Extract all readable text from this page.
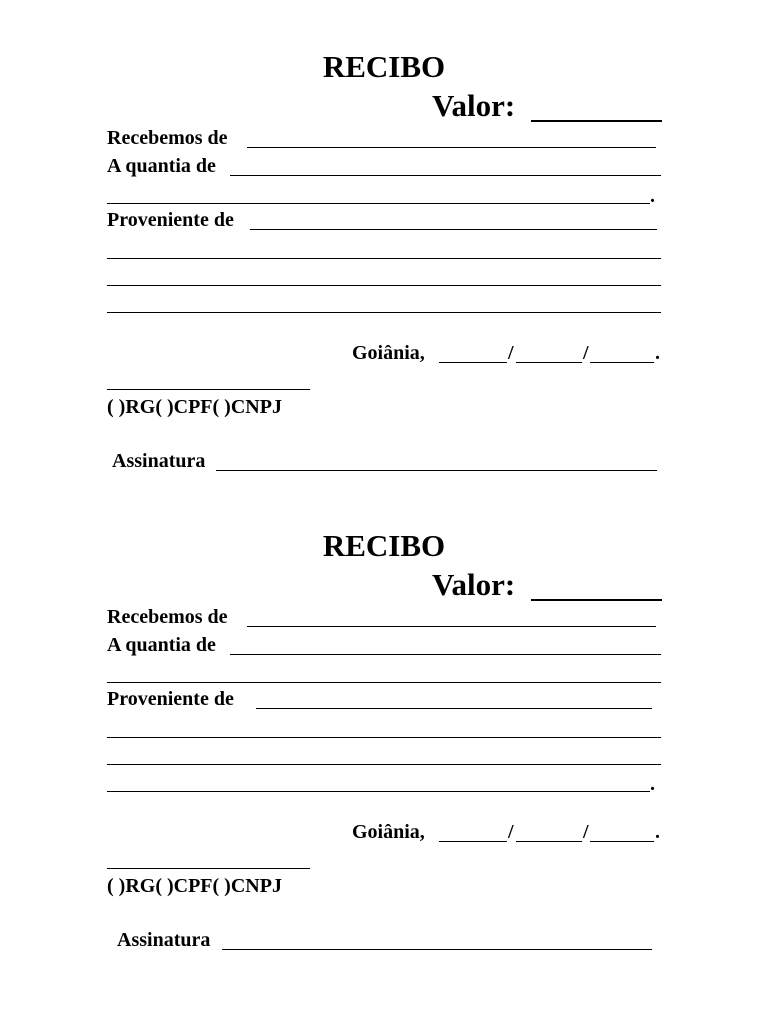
RECIBO
Valor:
Recebemos de
A quantia de
.
Proveniente de
Goiânia,	/	/	.
( )RG( )CPF( )CNPJ
Assinatura
RECIBO
Valor:
Recebemos de
A quantia de
Proveniente de
.
Goiânia,	/	/	.
( )RG( )CPF( )CNPJ
Assinatura
